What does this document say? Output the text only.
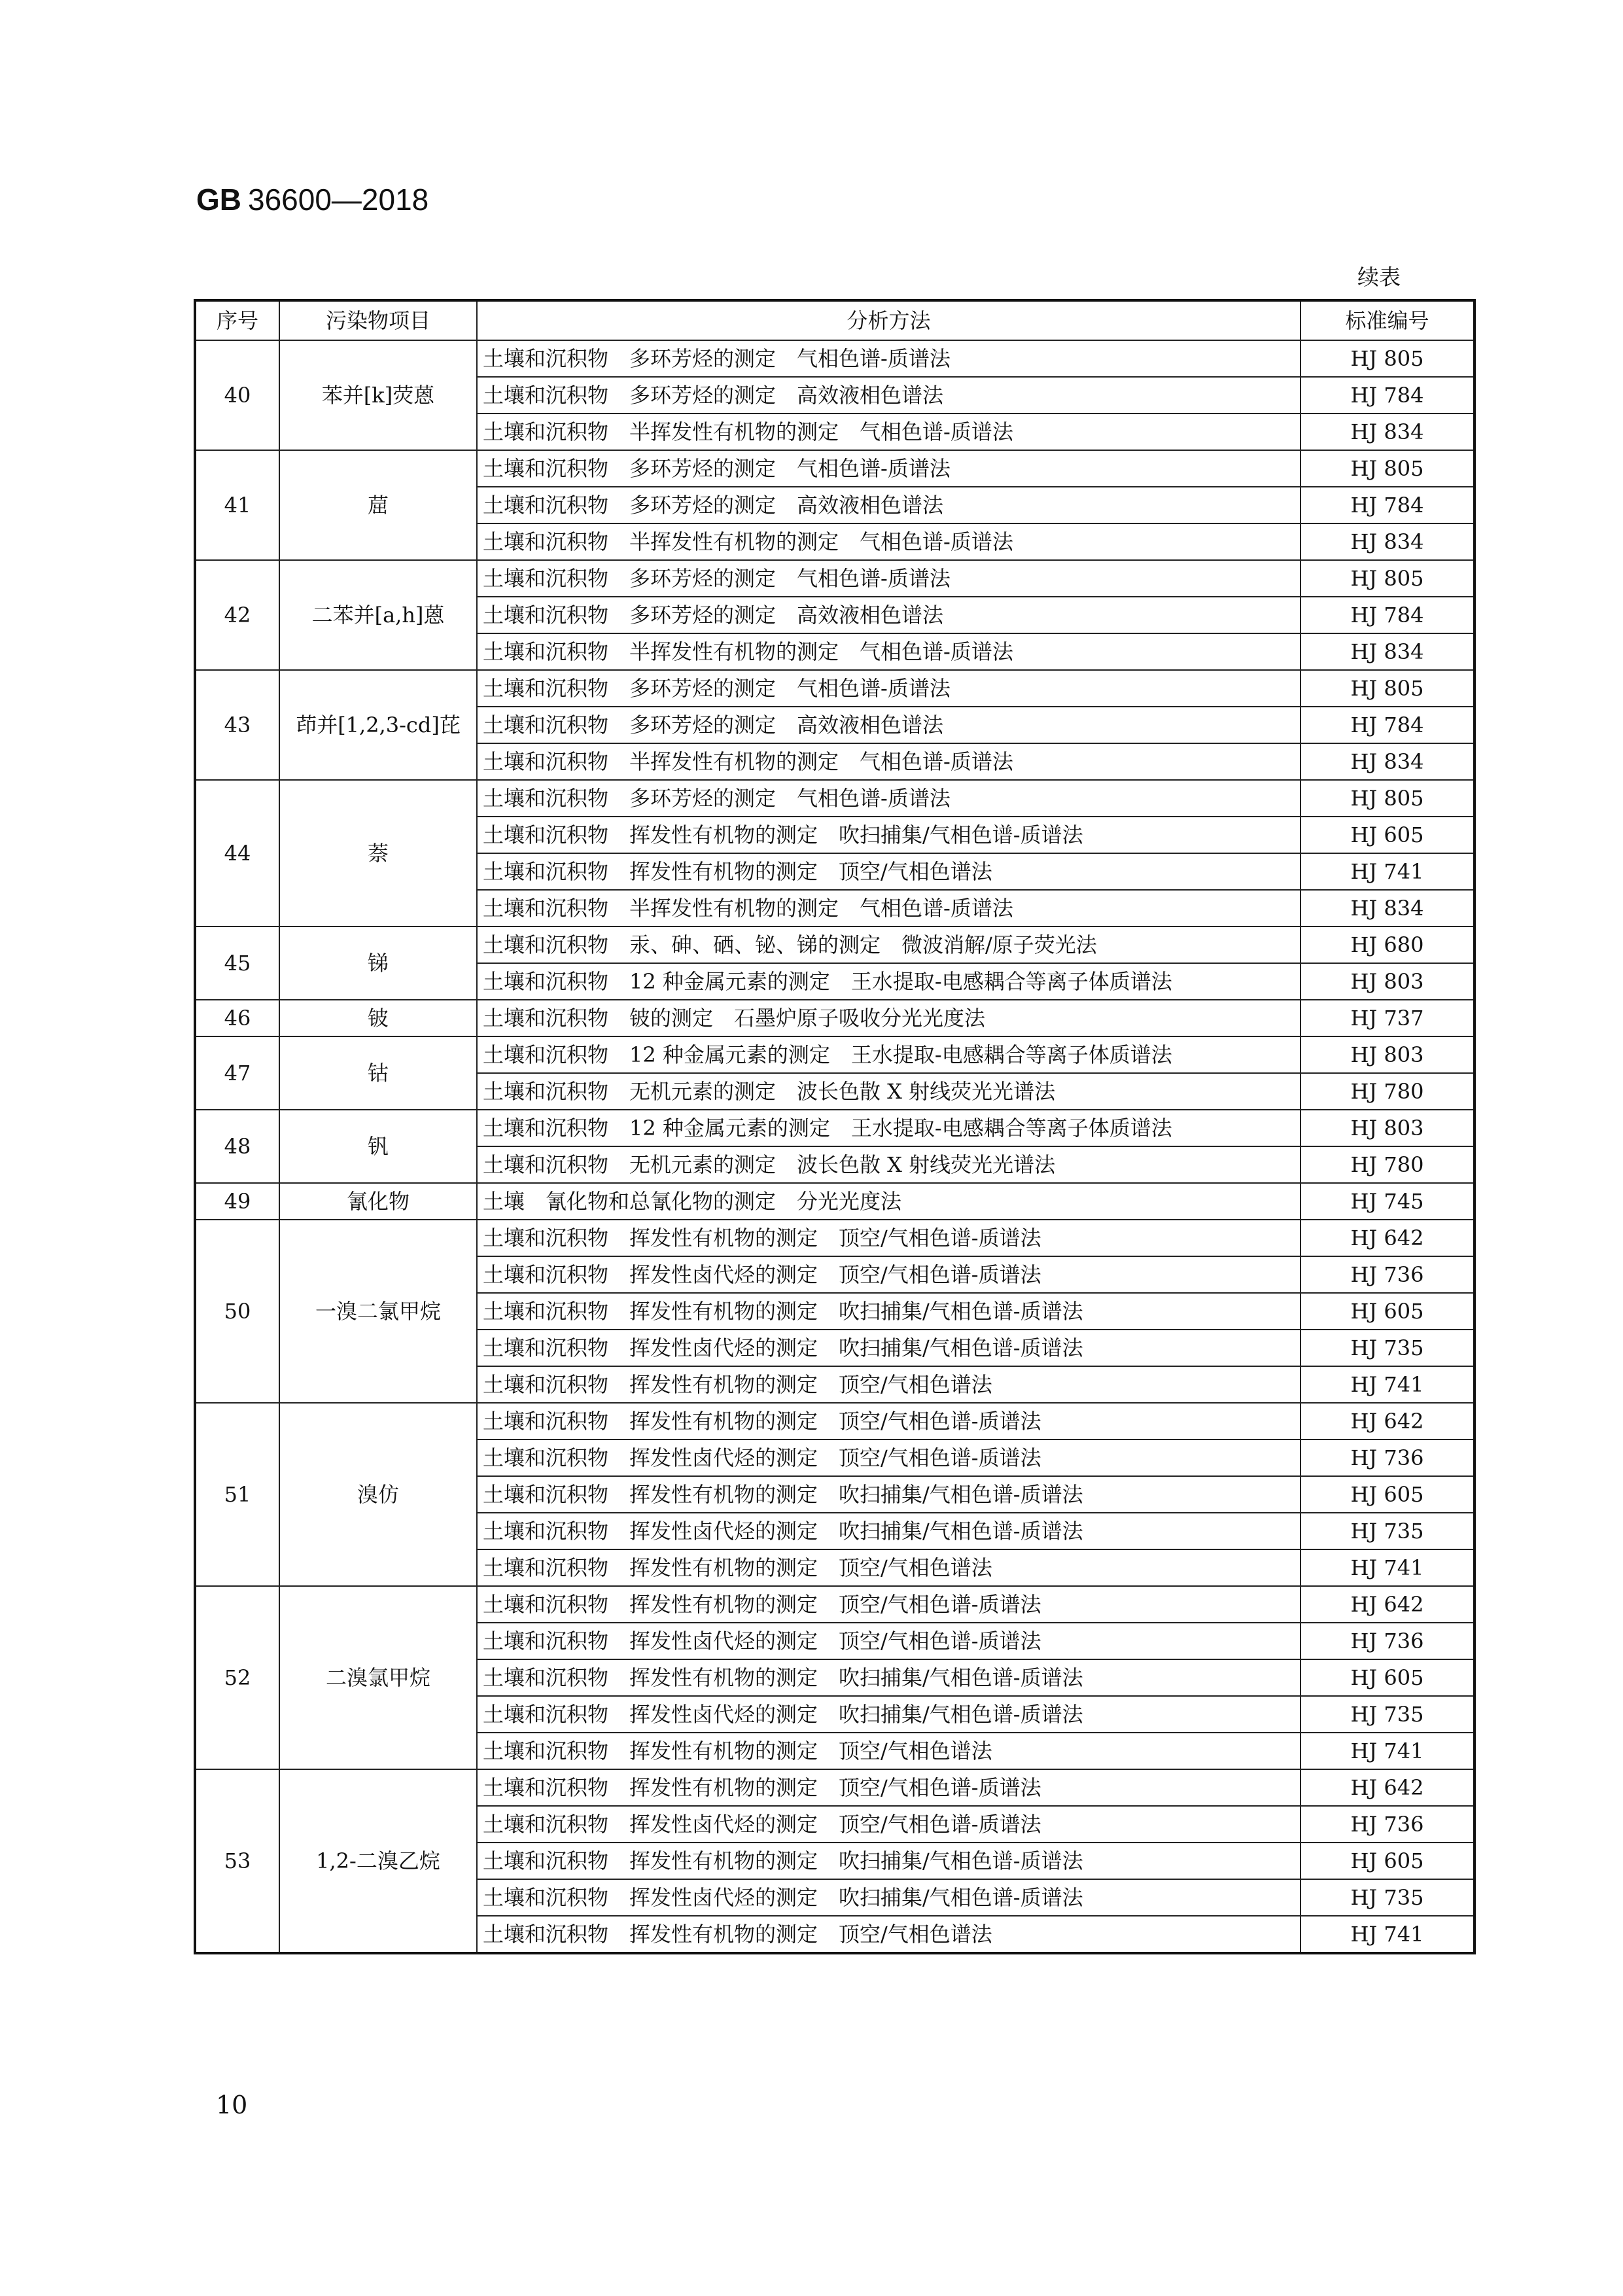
GB 36600—2018
续表
序号	污染物项目	分析方法	标准编号
40	苯并[k]荧蒽	土壤和沉积物　多环芳烃的测定　气相色谱-质谱法	HJ 805
		土壤和沉积物　多环芳烃的测定　高效液相色谱法	HJ 784
		土壤和沉积物　半挥发性有机物的测定　气相色谱-质谱法	HJ 834
41	䓛	土壤和沉积物　多环芳烃的测定　气相色谱-质谱法	HJ 805
		土壤和沉积物　多环芳烃的测定　高效液相色谱法	HJ 784
		土壤和沉积物　半挥发性有机物的测定　气相色谱-质谱法	HJ 834
42	二苯并[a,h]蒽	土壤和沉积物　多环芳烃的测定　气相色谱-质谱法	HJ 805
		土壤和沉积物　多环芳烃的测定　高效液相色谱法	HJ 784
		土壤和沉积物　半挥发性有机物的测定　气相色谱-质谱法	HJ 834
43	茚并[1,2,3-cd]芘	土壤和沉积物　多环芳烃的测定　气相色谱-质谱法	HJ 805
		土壤和沉积物　多环芳烃的测定　高效液相色谱法	HJ 784
		土壤和沉积物　半挥发性有机物的测定　气相色谱-质谱法	HJ 834
44	萘	土壤和沉积物　多环芳烃的测定　气相色谱-质谱法	HJ 805
		土壤和沉积物　挥发性有机物的测定　吹扫捕集/气相色谱-质谱法	HJ 605
		土壤和沉积物　挥发性有机物的测定　顶空/气相色谱法	HJ 741
		土壤和沉积物　半挥发性有机物的测定　气相色谱-质谱法	HJ 834
45	锑	土壤和沉积物　汞、砷、硒、铋、锑的测定　微波消解/原子荧光法	HJ 680
		土壤和沉积物　12 种金属元素的测定　王水提取-电感耦合等离子体质谱法	HJ 803
46	铍	土壤和沉积物　铍的测定　石墨炉原子吸收分光光度法	HJ 737
47	钴	土壤和沉积物　12 种金属元素的测定　王水提取-电感耦合等离子体质谱法	HJ 803
		土壤和沉积物　无机元素的测定　波长色散 X 射线荧光光谱法	HJ 780
48	钒	土壤和沉积物　12 种金属元素的测定　王水提取-电感耦合等离子体质谱法	HJ 803
		土壤和沉积物　无机元素的测定　波长色散 X 射线荧光光谱法	HJ 780
49	氰化物	土壤　氰化物和总氰化物的测定　分光光度法	HJ 745
50	一溴二氯甲烷	土壤和沉积物　挥发性有机物的测定　顶空/气相色谱-质谱法	HJ 642
		土壤和沉积物　挥发性卤代烃的测定　顶空/气相色谱-质谱法	HJ 736
		土壤和沉积物　挥发性有机物的测定　吹扫捕集/气相色谱-质谱法	HJ 605
		土壤和沉积物　挥发性卤代烃的测定　吹扫捕集/气相色谱-质谱法	HJ 735
		土壤和沉积物　挥发性有机物的测定　顶空/气相色谱法	HJ 741
51	溴仿	土壤和沉积物　挥发性有机物的测定　顶空/气相色谱-质谱法	HJ 642
		土壤和沉积物　挥发性卤代烃的测定　顶空/气相色谱-质谱法	HJ 736
		土壤和沉积物　挥发性有机物的测定　吹扫捕集/气相色谱-质谱法	HJ 605
		土壤和沉积物　挥发性卤代烃的测定　吹扫捕集/气相色谱-质谱法	HJ 735
		土壤和沉积物　挥发性有机物的测定　顶空/气相色谱法	HJ 741
52	二溴氯甲烷	土壤和沉积物　挥发性有机物的测定　顶空/气相色谱-质谱法	HJ 642
		土壤和沉积物　挥发性卤代烃的测定　顶空/气相色谱-质谱法	HJ 736
		土壤和沉积物　挥发性有机物的测定　吹扫捕集/气相色谱-质谱法	HJ 605
		土壤和沉积物　挥发性卤代烃的测定　吹扫捕集/气相色谱-质谱法	HJ 735
		土壤和沉积物　挥发性有机物的测定　顶空/气相色谱法	HJ 741
53	1,2-二溴乙烷	土壤和沉积物　挥发性有机物的测定　顶空/气相色谱-质谱法	HJ 642
		土壤和沉积物　挥发性卤代烃的测定　顶空/气相色谱-质谱法	HJ 736
		土壤和沉积物　挥发性有机物的测定　吹扫捕集/气相色谱-质谱法	HJ 605
		土壤和沉积物　挥发性卤代烃的测定　吹扫捕集/气相色谱-质谱法	HJ 735
		土壤和沉积物　挥发性有机物的测定　顶空/气相色谱法	HJ 741
10
